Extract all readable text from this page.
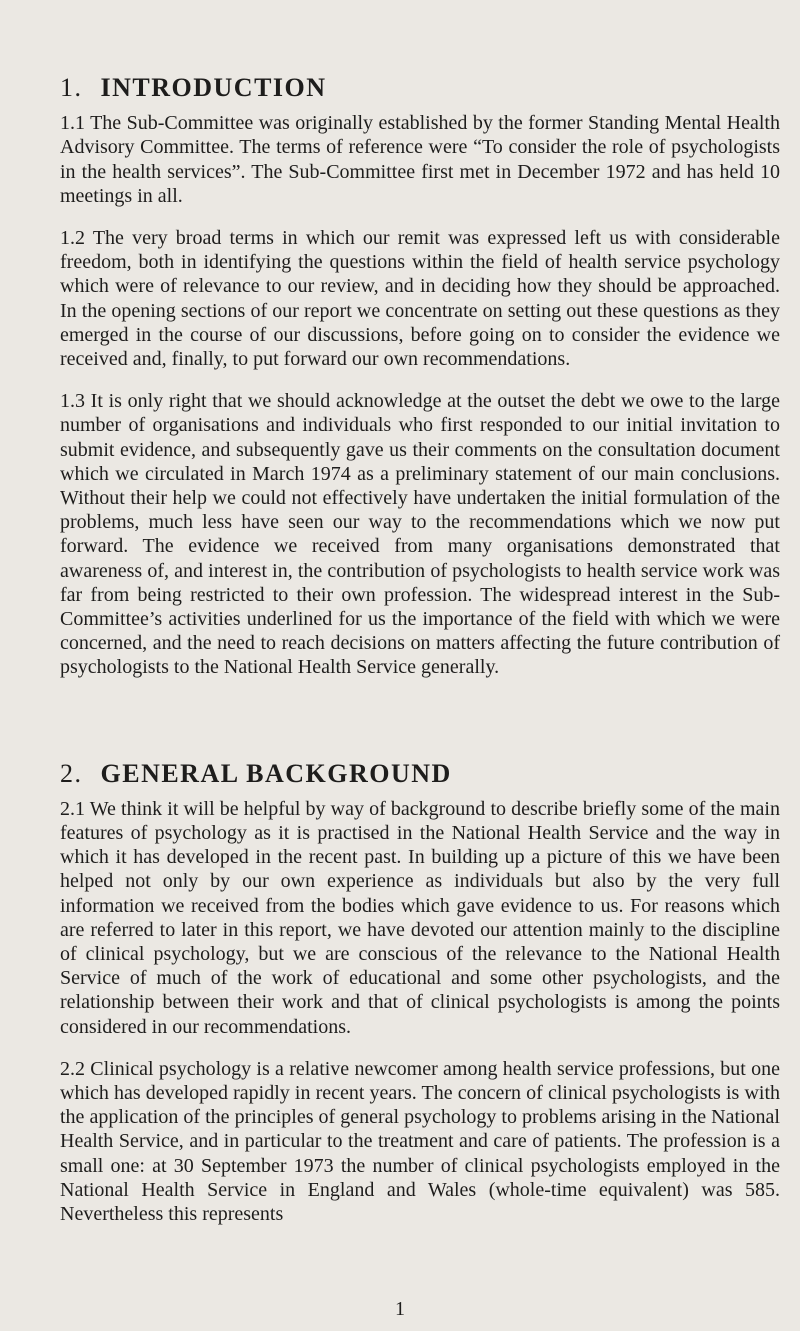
1. INTRODUCTION

1.1 The Sub-Committee was originally established by the former Standing Mental Health Advisory Committee. The terms of reference were “To consider the role of psychologists in the health services”. The Sub-Committee first met in December 1972 and has held 10 meetings in all.

1.2 The very broad terms in which our remit was expressed left us with considerable freedom, both in identifying the questions within the field of health service psychology which were of relevance to our review, and in deciding how they should be approached. In the opening sections of our report we concentrate on setting out these questions as they emerged in the course of our discussions, before going on to consider the evidence we received and, finally, to put forward our own recommendations.

1.3 It is only right that we should acknowledge at the outset the debt we owe to the large number of organisations and individuals who first responded to our initial invitation to submit evidence, and subsequently gave us their comments on the consultation document which we circulated in March 1974 as a preliminary statement of our main conclusions. Without their help we could not effectively have undertaken the initial formulation of the problems, much less have seen our way to the recommendations which we now put forward. The evidence we received from many organisations demonstrated that awareness of, and interest in, the contribution of psychologists to health service work was far from being restricted to their own profession. The widespread interest in the Sub-Committee’s activities underlined for us the importance of the field with which we were concerned, and the need to reach decisions on matters affecting the future contribution of psychologists to the National Health Service generally.

2. GENERAL BACKGROUND

2.1 We think it will be helpful by way of background to describe briefly some of the main features of psychology as it is practised in the National Health Service and the way in which it has developed in the recent past. In building up a picture of this we have been helped not only by our own experience as individuals but also by the very full information we received from the bodies which gave evidence to us. For reasons which are referred to later in this report, we have devoted our attention mainly to the discipline of clinical psychology, but we are conscious of the relevance to the National Health Service of much of the work of educational and some other psychologists, and the relationship between their work and that of clinical psychologists is among the points considered in our recommendations.

2.2 Clinical psychology is a relative newcomer among health service professions, but one which has developed rapidly in recent years. The concern of clinical psychologists is with the application of the principles of general psychology to problems arising in the National Health Service, and in particular to the treatment and care of patients. The profession is a small one: at 30 September 1973 the number of clinical psychologists employed in the National Health Service in England and Wales (whole-time equivalent) was 585. Nevertheless this represents

1
